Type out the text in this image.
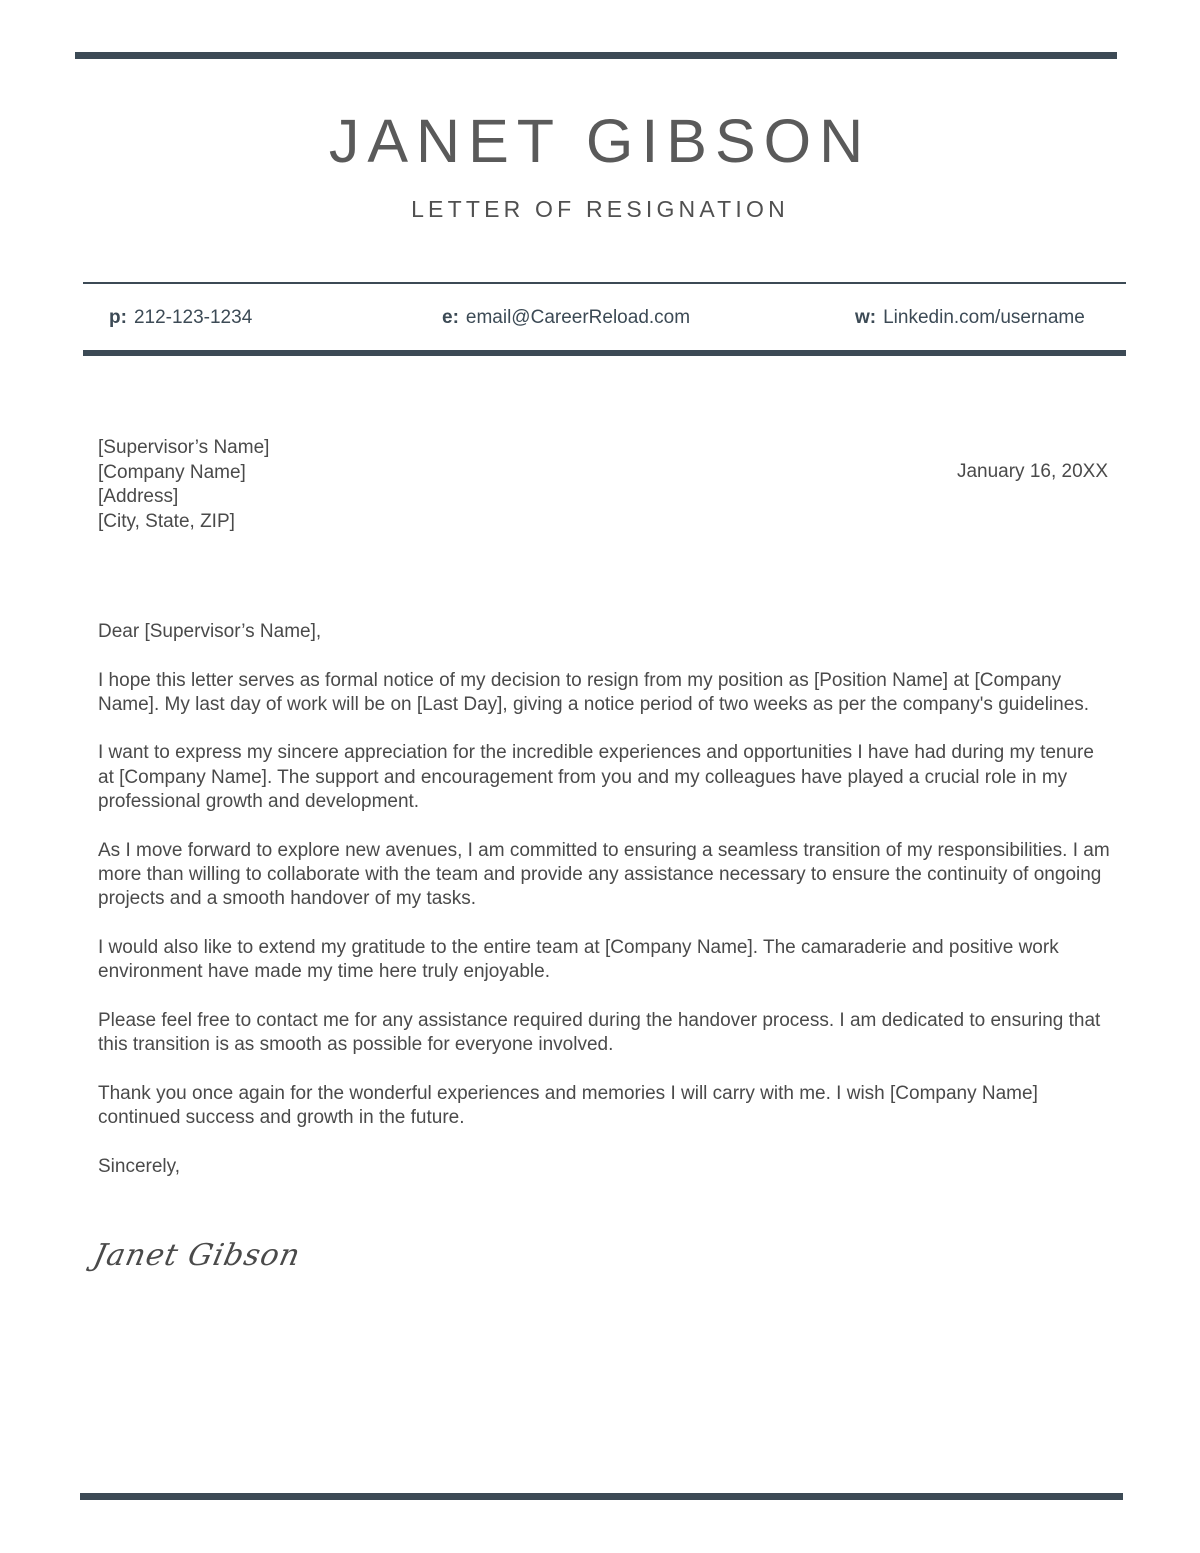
JANET GIBSON
LETTER OF RESIGNATION
p: 212-123-1234	e: email@CareerReload.com	w: Linkedin.com/username
[Supervisor’s Name]
[Company Name]
[Address]
[City, State, ZIP]
January 16, 20XX

Dear [Supervisor’s Name],

I hope this letter serves as formal notice of my decision to resign from my position as [Position Name] at [Company Name]. My last day of work will be on [Last Day], giving a notice period of two weeks as per the company's guidelines.

I want to express my sincere appreciation for the incredible experiences and opportunities I have had during my tenure at [Company Name]. The support and encouragement from you and my colleagues have played a crucial role in my professional growth and development.

As I move forward to explore new avenues, I am committed to ensuring a seamless transition of my responsibilities. I am more than willing to collaborate with the team and provide any assistance necessary to ensure the continuity of ongoing projects and a smooth handover of my tasks.

I would also like to extend my gratitude to the entire team at [Company Name]. The camaraderie and positive work environment have made my time here truly enjoyable.

Please feel free to contact me for any assistance required during the handover process. I am dedicated to ensuring that this transition is as smooth as possible for everyone involved.

Thank you once again for the wonderful experiences and memories I will carry with me. I wish [Company Name] continued success and growth in the future.

Sincerely,

Janet Gibson
